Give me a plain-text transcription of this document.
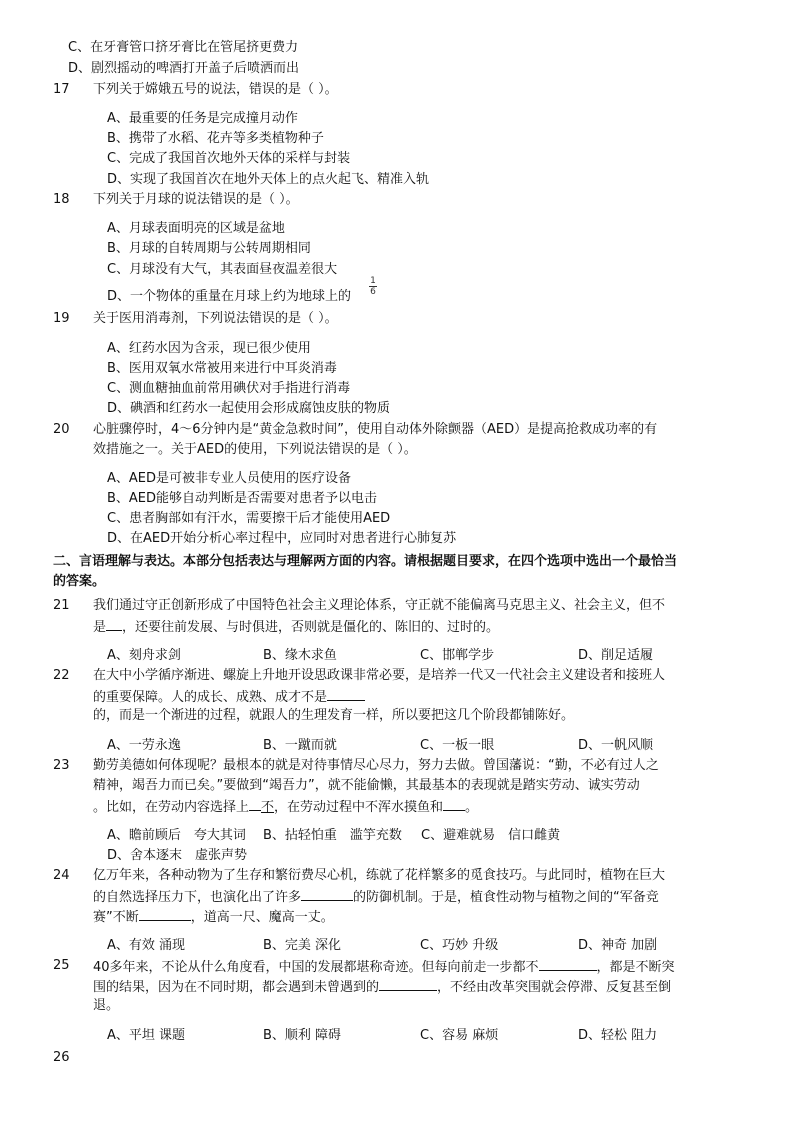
C、在牙膏管口挤牙膏比在管尾挤更费力
D、剧烈摇动的啤酒打开盖子后喷洒而出
17	下列关于嫦娥五号的说法，错误的是（ ）。
A、最重要的任务是完成撞月动作
B、携带了水稻、花卉等多类植物种子
C、完成了我国首次地外天体的采样与封装
D、实现了我国首次在地外天体上的点火起飞、精准入轨
18	下列关于月球的说法错误的是（ ）。
A、月球表面明亮的区域是盆地
B、月球的自转周期与公转周期相同
C、月球没有大气，其表面昼夜温差很大
D、一个物体的重量在月球上约为地球上的
1
6
19	关于医用消毒剂，下列说法错误的是（ ）。
A、红药水因为含汞，现已很少使用
B、医用双氧水常被用来进行中耳炎消毒
C、测血糖抽血前常用碘伏对手指进行消毒
D、碘酒和红药水一起使用会形成腐蚀皮肤的物质
20	心脏骤停时，4～6分钟内是“黄金急救时间”，使用自动体外除颤器（AED）是提高抢救成功率的有
效措施之一。关于AED的使用，下列说法错误的是（ ）。
A、AED是可被非专业人员使用的医疗设备
B、AED能够自动判断是否需要对患者予以电击
C、患者胸部如有汗水，需要擦干后才能使用AED
D、在AED开始分析心率过程中，应同时对患者进行心肺复苏
二、言语理解与表达。本部分包括表达与理解两方面的内容。请根据题目要求，在四个选项中选出一个最恰当
的答案。
21	我们通过守正创新形成了中国特色社会主义理论体系，守正就不能偏离马克思主义、社会主义，但不
是 ，还要往前发展、与时俱进，否则就是僵化的、陈旧的、过时的。
A、刻舟求剑	B、缘木求鱼	C、邯郸学步	D、削足适履
22	在大中小学循序渐进、螺旋上升地开设思政课非常必要，是培养一代又一代社会主义建设者和接班人
的重要保障。人的成长、成熟、成才不是
的，而是一个渐进的过程，就跟人的生理发育一样，所以要把这几个阶段都铺陈好。
A、一劳永逸	B、一蹴而就	C、一板一眼	D、一帆风顺
23	勤劳美德如何体现呢？最根本的就是对待事情尽心尽力，努力去做。曾国藩说：“勤，不必有过人之
精神，竭吾力而已矣。”要做到“竭吾力”，就不能偷懒，其最基本的表现就是踏实劳动、诚实劳动
。比如，在劳动内容选择上 不，在劳动过程中不浑水摸鱼和 。
A、瞻前顾后　夸大其词 B、拈轻怕重　滥竽充数 C、避难就易　信口雌黄
D、舍本逐末　虚张声势
24	亿万年来，各种动物为了生存和繁衍费尽心机，练就了花样繁多的觅食技巧。与此同时，植物在巨大
的自然选择压力下，也演化出了许多	的防御机制。于是，植食性动物与植物之间的“军备竞
赛”不断	，道高一尺、魔高一丈。
A、有效 涌现	B、完美 深化	C、巧妙 升级	D、神奇 加剧
25	40多年来，不论从什么角度看，中国的发展都堪称奇迹。但每向前走一步都不	，都是不断突
围的结果，因为在不同时期，都会遇到未曾遇到的	，不经由改革突围就会停滞、反复甚至倒
退。
A、平坦 课题	B、顺利 障碍	C、容易 麻烦	D、轻松 阻力
26
